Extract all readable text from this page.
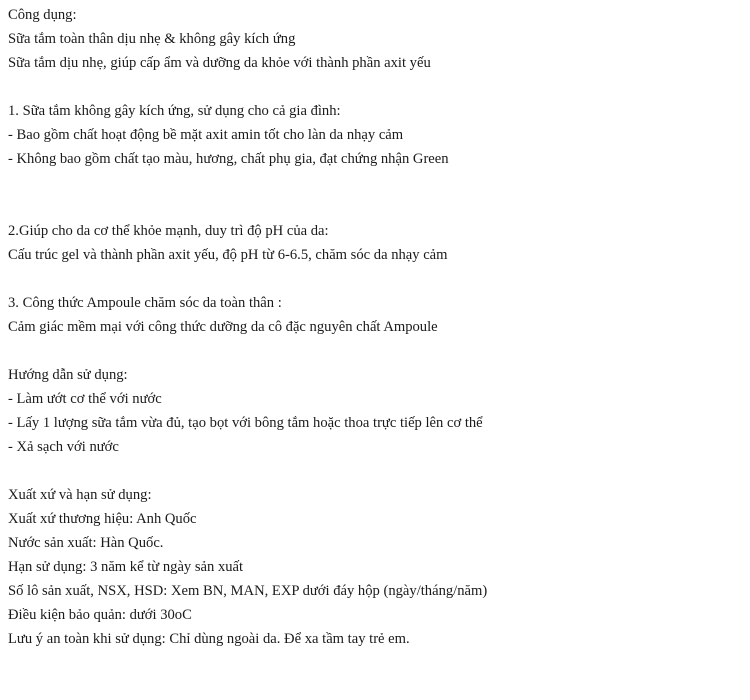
Công dụng:
Sữa tắm toàn thân dịu nhẹ & không gây kích ứng
Sữa tắm dịu nhẹ, giúp cấp ẩm và dưỡng da khỏe với thành phần axit yếu
1. Sữa tắm không gây kích ứng, sử dụng cho cả gia đình:
- Bao gồm chất hoạt động bề mặt axit amin tốt cho làn da nhạy cảm
- Không bao gồm chất tạo màu, hương, chất phụ gia, đạt chứng nhận Green
2.Giúp cho da cơ thể khỏe mạnh, duy trì độ pH của da:
Cấu trúc gel và thành phần axit yếu, độ pH từ 6-6.5, chăm sóc da nhạy cảm
3. Công thức Ampoule chăm sóc da toàn thân :
Cảm giác mềm mại với công thức dưỡng da cô đặc nguyên chất Ampoule
Hướng dẫn sử dụng:
- Làm ướt cơ thể với nước
- Lấy 1 lượng sữa tắm vừa đủ, tạo bọt với bông tắm hoặc thoa trực tiếp lên cơ thể
- Xả sạch với nước
Xuất xứ và hạn sử dụng:
Xuất xứ thương hiệu: Anh Quốc
Nước sản xuất: Hàn Quốc.
Hạn sử dụng: 3 năm kể từ ngày sản xuất
Số lô sản xuất, NSX, HSD: Xem BN, MAN, EXP dưới đáy hộp (ngày/tháng/năm)
Điều kiện bảo quản: dưới 30oC
Lưu ý an toàn khi sử dụng: Chỉ dùng ngoài da. Để xa tầm tay trẻ em.
